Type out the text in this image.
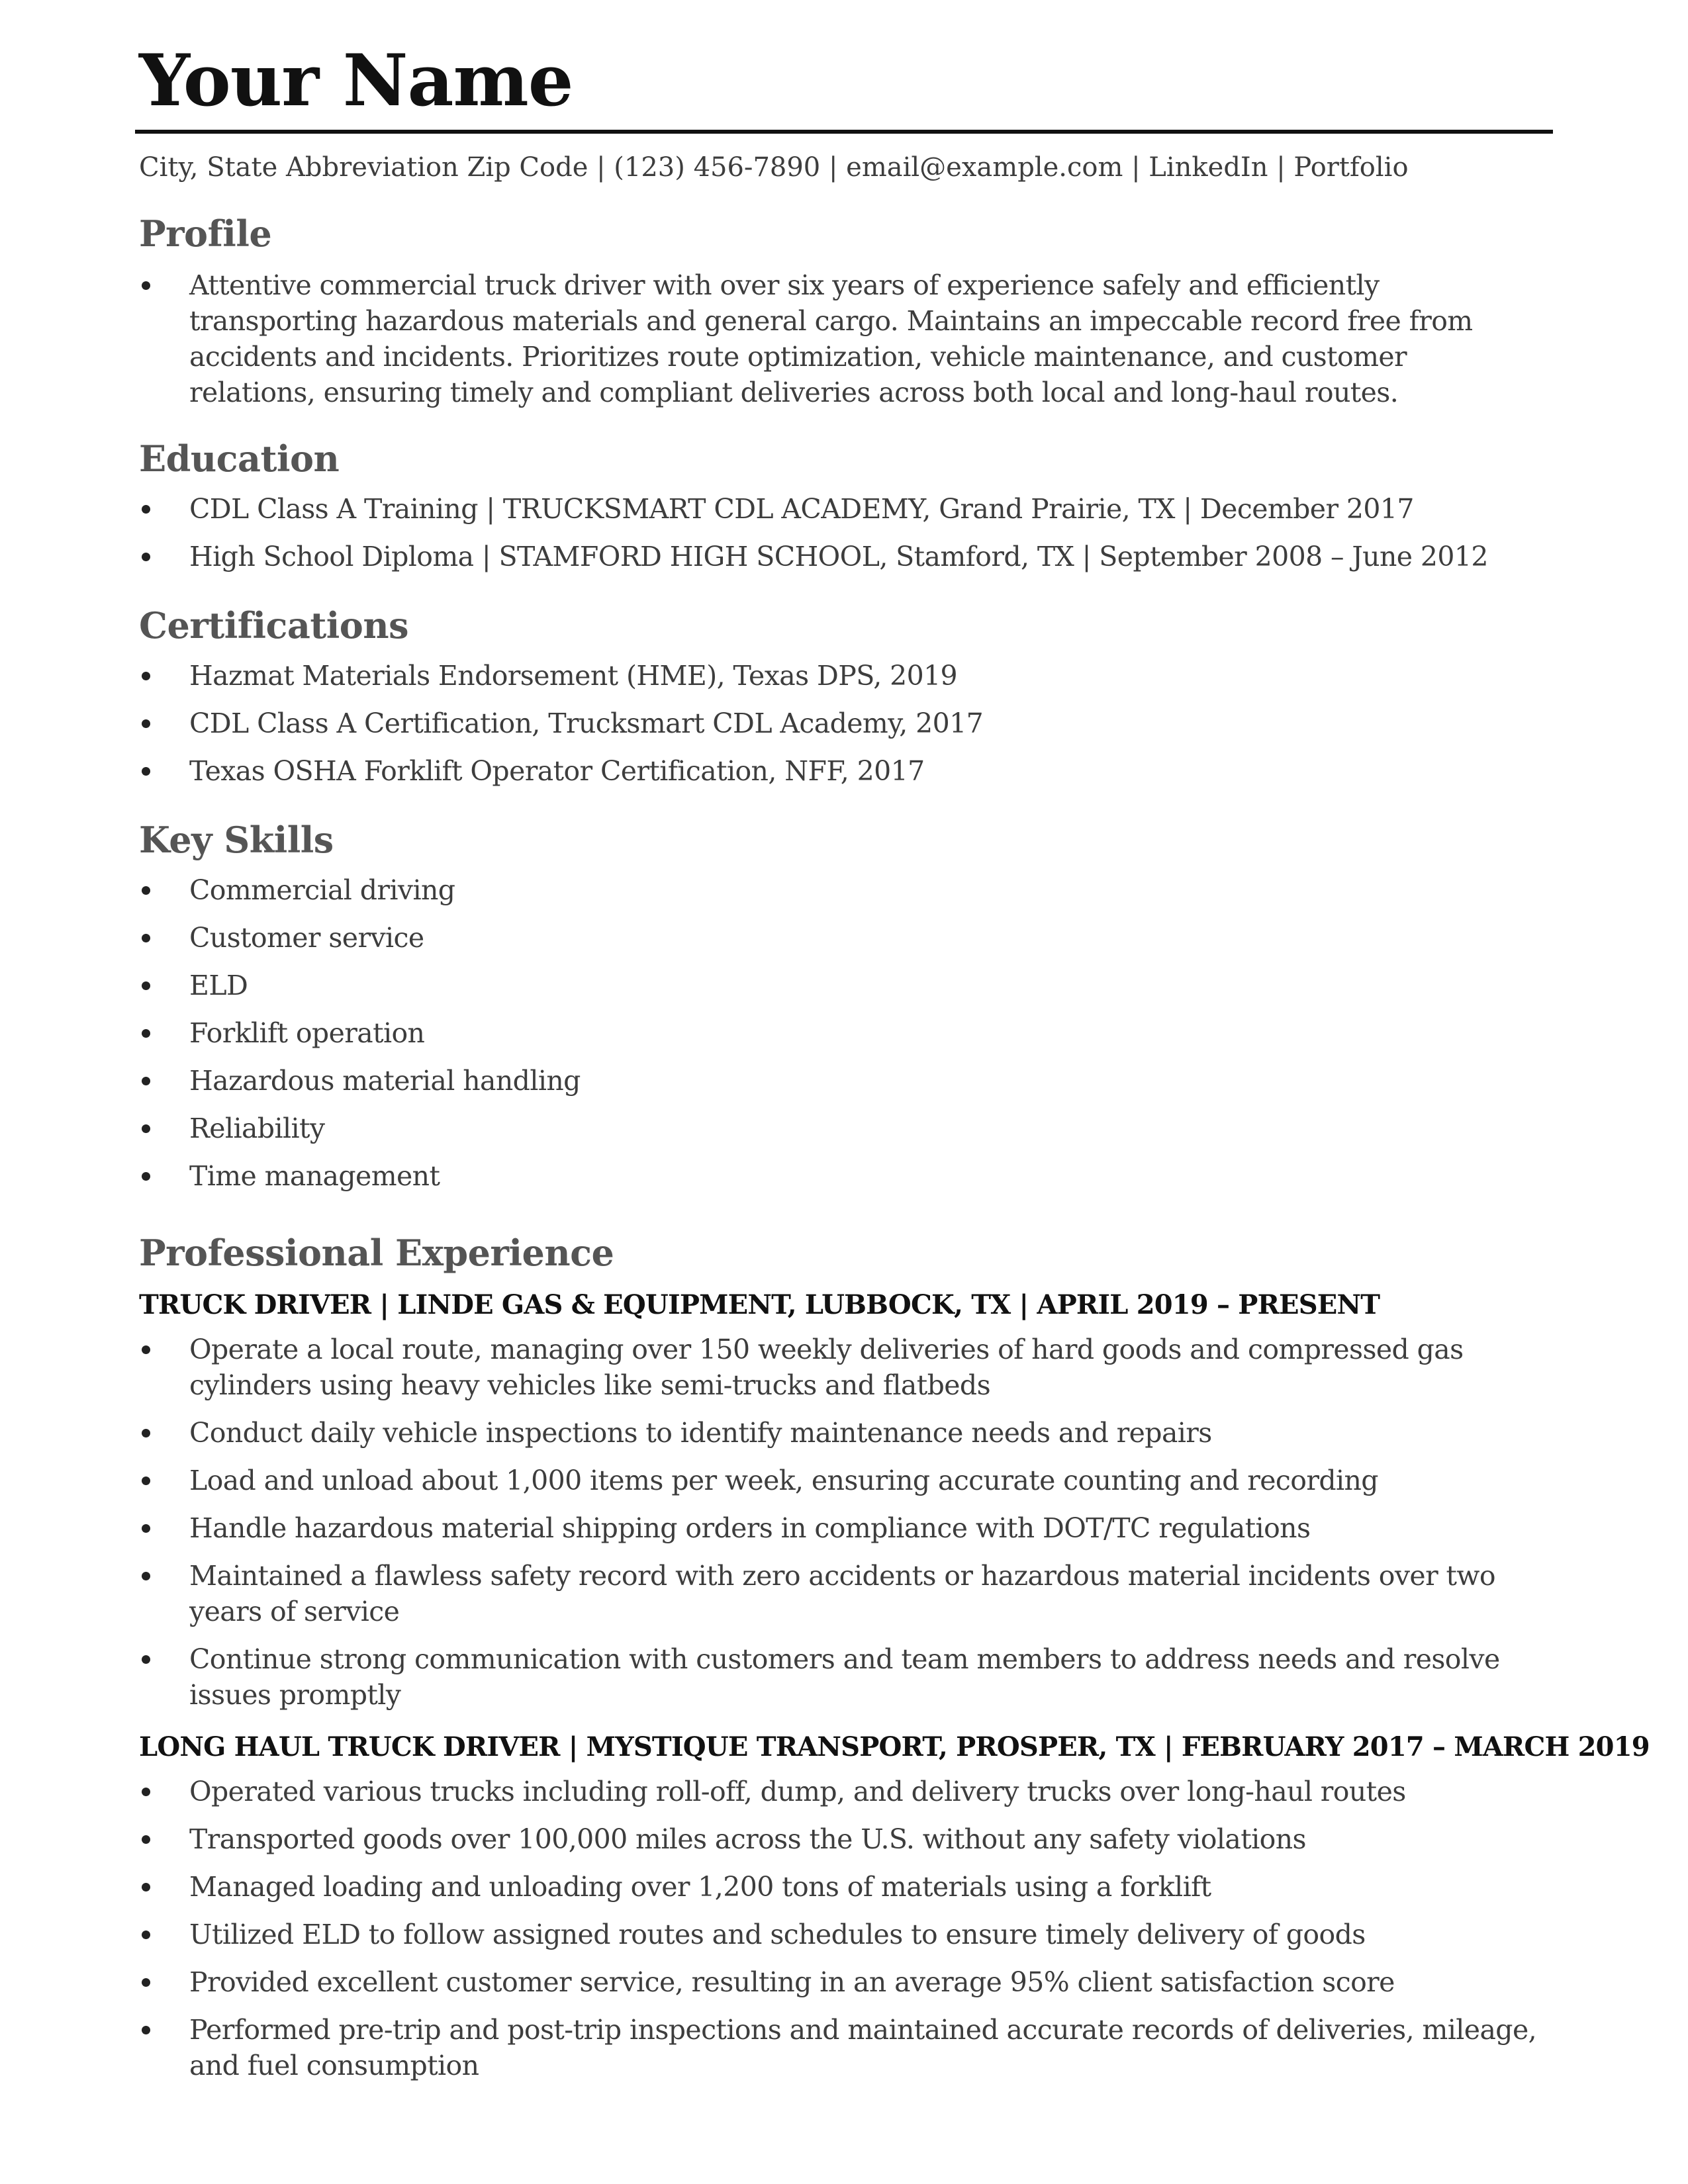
Your Name
City, State Abbreviation Zip Code | (123) 456-7890 | email@example.com | LinkedIn | Portfolio
Profile
Attentive commercial truck driver with over six years of experience safely and efficiently transporting hazardous materials and general cargo. Maintains an impeccable record free from accidents and incidents. Prioritizes route optimization, vehicle maintenance, and customer relations, ensuring timely and compliant deliveries across both local and long-haul routes.
Education
CDL Class A Training | TRUCKSMART CDL ACADEMY, Grand Prairie, TX | December 2017
High School Diploma | STAMFORD HIGH SCHOOL, Stamford, TX | September 2008 – June 2012
Certifications
Hazmat Materials Endorsement (HME), Texas DPS, 2019
CDL Class A Certification, Trucksmart CDL Academy, 2017
Texas OSHA Forklift Operator Certification, NFF, 2017
Key Skills
Commercial driving
Customer service
ELD
Forklift operation
Hazardous material handling
Reliability
Time management
Professional Experience
TRUCK DRIVER | LINDE GAS & EQUIPMENT, LUBBOCK, TX | APRIL 2019 – PRESENT
Operate a local route, managing over 150 weekly deliveries of hard goods and compressed gas cylinders using heavy vehicles like semi-trucks and flatbeds
Conduct daily vehicle inspections to identify maintenance needs and repairs
Load and unload about 1,000 items per week, ensuring accurate counting and recording
Handle hazardous material shipping orders in compliance with DOT/TC regulations
Maintained a flawless safety record with zero accidents or hazardous material incidents over two years of service
Continue strong communication with customers and team members to address needs and resolve issues promptly
LONG HAUL TRUCK DRIVER | MYSTIQUE TRANSPORT, PROSPER, TX | FEBRUARY 2017 – MARCH 2019
Operated various trucks including roll-off, dump, and delivery trucks over long-haul routes
Transported goods over 100,000 miles across the U.S. without any safety violations
Managed loading and unloading over 1,200 tons of materials using a forklift
Utilized ELD to follow assigned routes and schedules to ensure timely delivery of goods
Provided excellent customer service, resulting in an average 95% client satisfaction score
Performed pre-trip and post-trip inspections and maintained accurate records of deliveries, mileage, and fuel consumption
